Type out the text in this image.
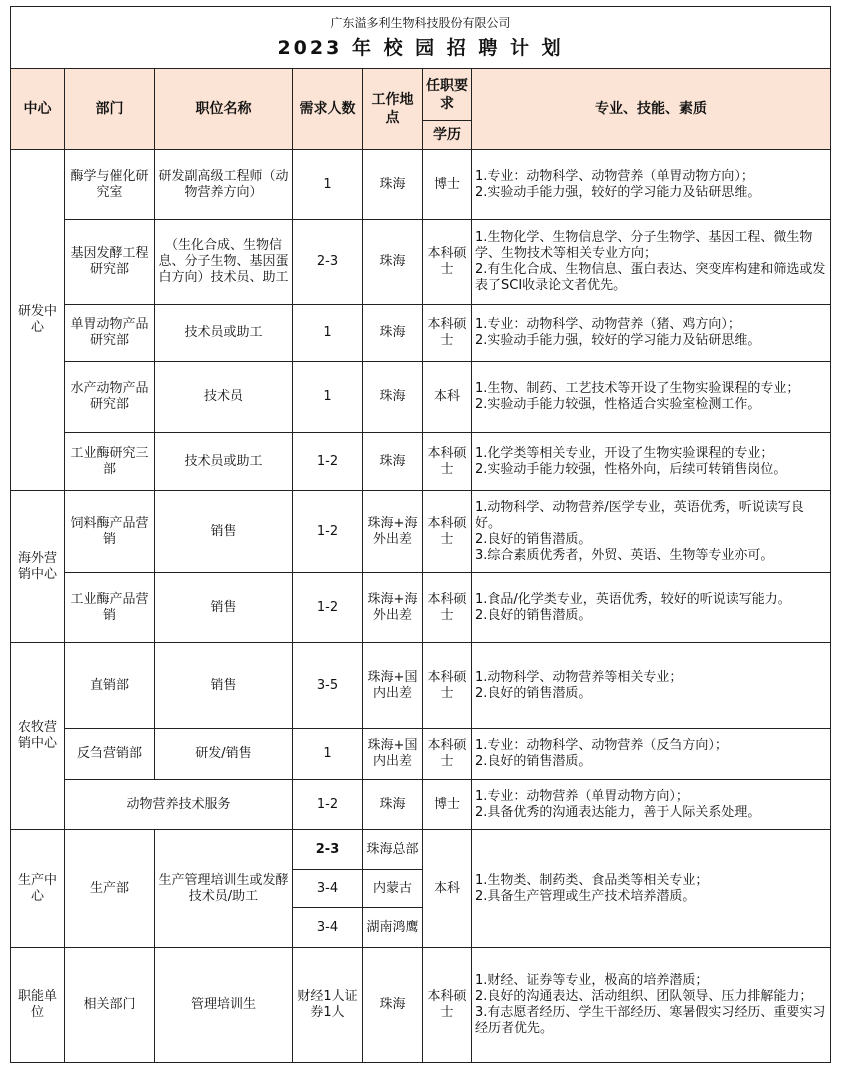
广东溢多利生物科技股份有限公司						
2023 年 校 园 招 聘 计 划						
中心	部门	职位名称	需求人数	工作地点	任职要求	专业、技能、素质
					学历	
研发中心	酶学与催化研究室	研发副高级工程师（动物营养方向）	1	珠海	博士	1.专业：动物科学、动物营养（单胃动物方向）；
2.实验动手能力强，较好的学习能力及钻研思维。

	基因发酵工程研究部	（生化合成、生物信息、分子生物、基因蛋白方向）技术员、助工	2-3	珠海	本科硕士	1.生物化学、生物信息学、分子生物学、基因工程、微生物学、生物技术等相关专业方向；
2.有生化合成、生物信息、蛋白表达、突变库构建和筛选或发表了SCI收录论文者优先。

	单胃动物产品研究部	技术员或助工	1	珠海	本科硕士	1.专业：动物科学、动物营养（猪、鸡方向）；
2.实验动手能力强，较好的学习能力及钻研思维。

	水产动物产品研究部	技术员	1	珠海	本科	1.生物、制药、工艺技术等开设了生物实验课程的专业；
2.实验动手能力较强，性格适合实验室检测工作。

	工业酶研究三部	技术员或助工	1-2	珠海	本科硕士	1.化学类等相关专业，开设了生物实验课程的专业；
2.实验动手能力较强，性格外向，后续可转销售岗位。

海外营销中心	饲料酶产品营销	销售	1-2	珠海+海外出差	本科硕士	1.动物科学、动物营养/医学专业，英语优秀，听说读写良好。
2.良好的销售潜质。
3.综合素质优秀者，外贸、英语、生物等专业亦可。

	工业酶产品营销	销售	1-2	珠海+海外出差	本科硕士	1.食品/化学类专业，英语优秀，较好的听说读写能力。
2.良好的销售潜质。

农牧营销中心	直销部	销售	3-5	珠海+国内出差	本科硕士	1.动物科学、动物营养等相关专业；
2.良好的销售潜质。

	反刍营销部	研发/销售	1	珠海+国内出差	本科硕士	1.专业：动物科学、动物营养（反刍方向）；
2.良好的销售潜质。

	动物营养技术服务		1-2	珠海	博士	1.专业：动物营养（单胃动物方向）；
2.具备优秀的沟通表达能力，善于人际关系处理。

生产中心	生产部	生产管理培训生或发酵技术员/助工	2-3	珠海总部	本科	1.生物类、制药类、食品类等相关专业；
2.具备生产管理或生产技术培养潜质。

			3-4	内蒙古		
			3-4	湖南鸿鹰		
职能单位	相关部门	管理培训生	财经1人证券1人	珠海	本科硕士	1.财经、证券等专业，极高的培养潜质；
2.良好的沟通表达、活动组织、团队领导、压力排解能力；
3.有志愿者经历、学生干部经历、寒暑假实习经历、重要实习经历者优先。
